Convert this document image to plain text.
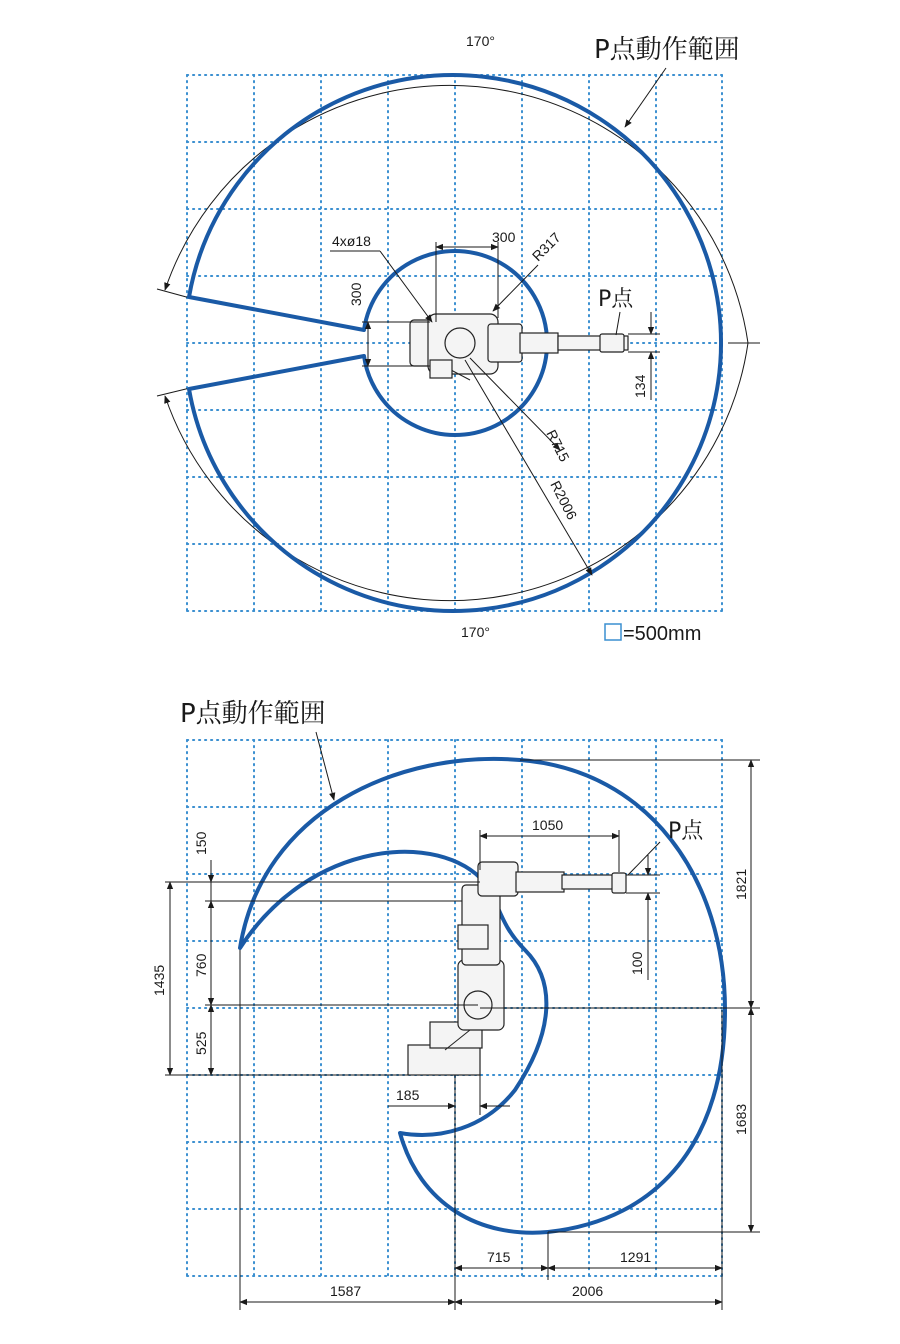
170°
170°
4xø18	300
300
R317
R715
R2006
134
P点
P点動作範囲
=500mm
150
760
525
1435
1050	P点
100
1821
1683
185
715	1291
1587	2006
P点動作範囲
